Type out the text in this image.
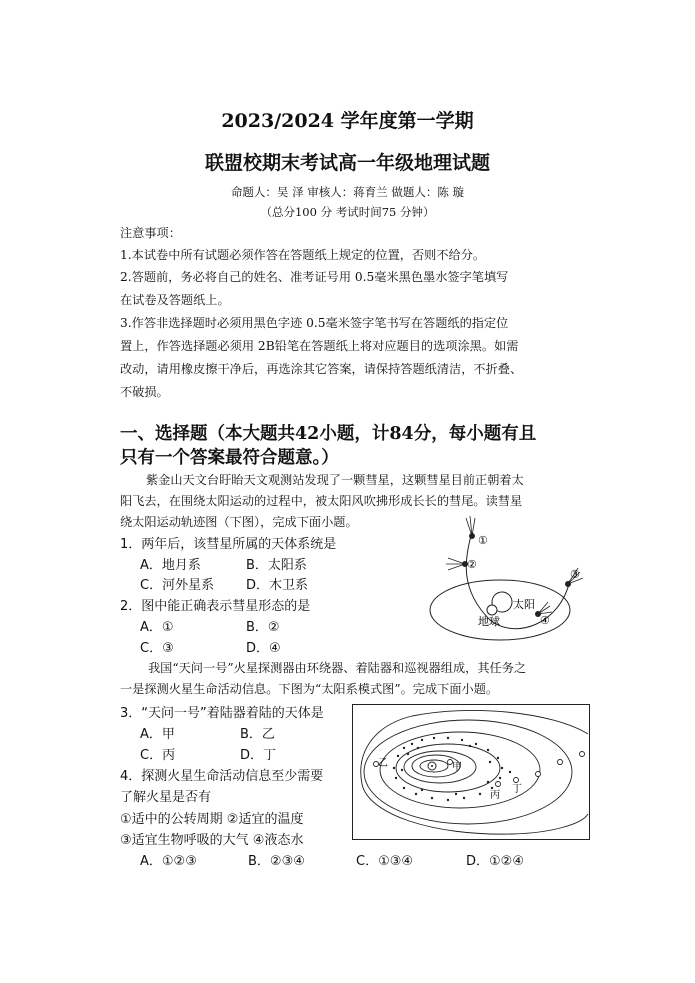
2023/2024 学年度第一学期
联盟校期末考试高一年级地理试题
命题人：吴 泽 审核人：蒋育兰 做题人：陈 璇
（总分100 分 考试时间75 分钟）
注意事项：
1.本试卷中所有试题必须作答在答题纸上规定的位置，否则不给分。
2.答题前，务必将自己的姓名、准考证号用 0.5毫米黑色墨水签字笔填写
在试卷及答题纸上。
3.作答非选择题时必须用黑色字迹 0.5毫米签字笔书写在答题纸的指定位
置上，作答选择题必须用 2B铅笔在答题纸上将对应题目的选项涂黑。如需
改动，请用橡皮擦干净后，再选涂其它答案，请保持答题纸清洁，不折叠、
不破损。
一、选择题（本大题共42小题，计84分，每小题有且
只有一个答案最符合题意。）
紫金山天文台盱眙天文观测站发现了一颗彗星，这颗彗星目前正朝着太
阳飞去，在围绕太阳运动的过程中，被太阳风吹拂形成长长的彗尾。读彗星
绕太阳运动轨迹图（下图），完成下面小题。
1．两年后，该彗星所属的天体系统是
A．地月系	B．太阳系
C．河外星系 D．木卫系
2．图中能正确表示彗星形态的是
A．①	B．②
C．③	D．④
太阳
地球
①
②
③
④
我国“天问一号”火星探测器由环绕器、着陆器和巡视器组成，其任务之
一是探测火星生命活动信息。下图为“太阳系模式图”。完成下面小题。
3．“天问一号”着陆器着陆的天体是
A．甲	B．乙
C．丙	D．丁
4．探测火星生命活动信息至少需要
了解火星是否有
①适中的公转周期 ②适宜的温度
③适宜生物呼吸的大气 ④液态水
A．①②③	B．②③④	C．①③④	D．①②④
甲
乙
丙
丁
